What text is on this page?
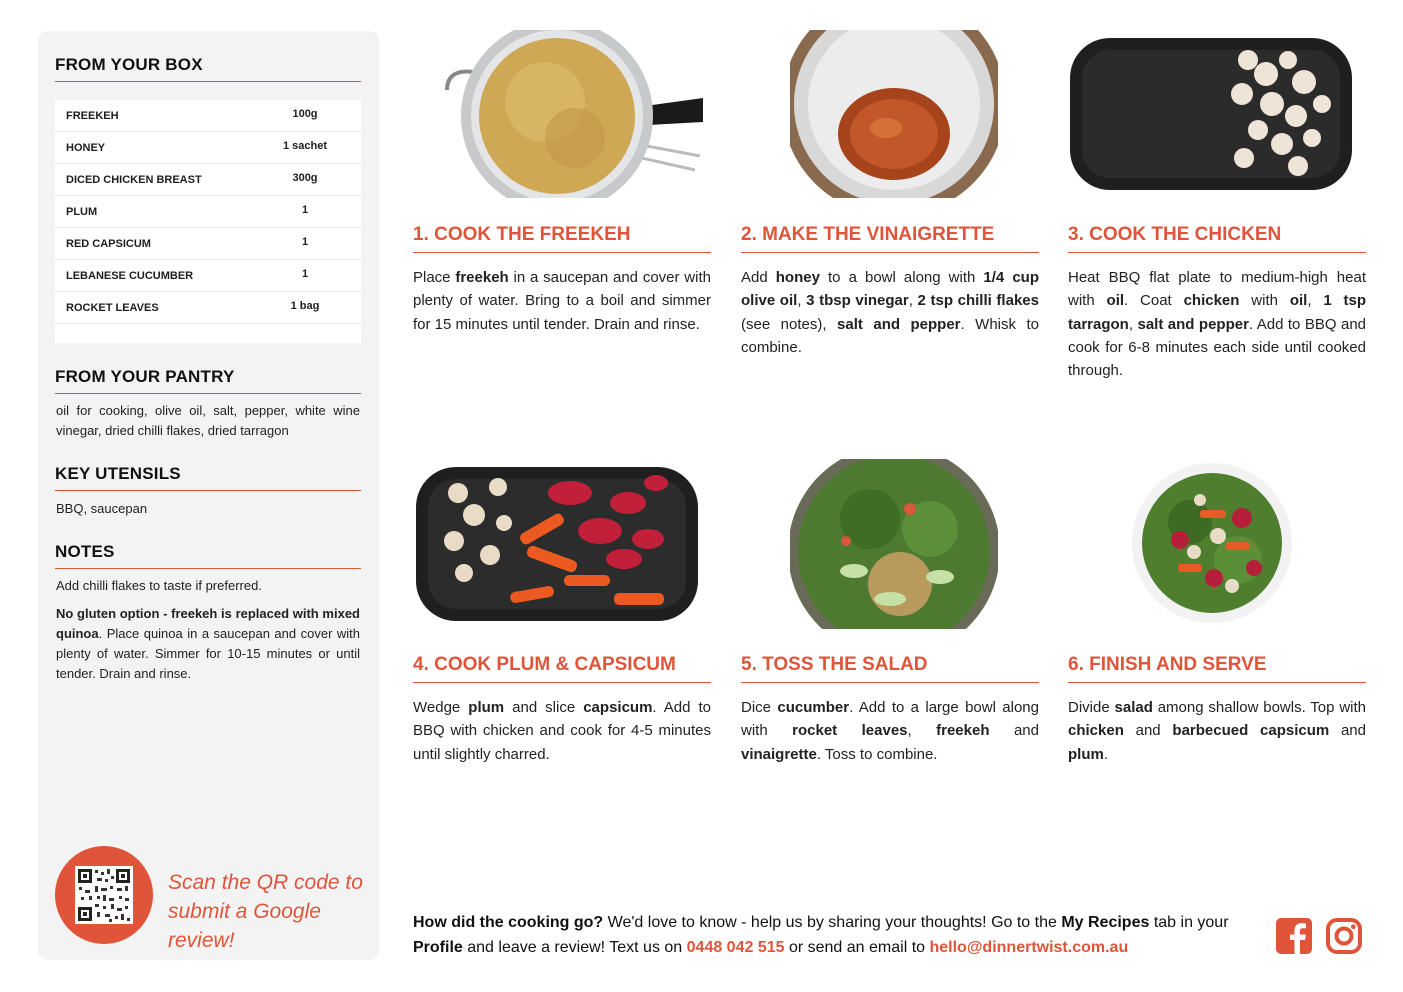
FROM YOUR BOX
FREEKEH	100g
HONEY	1 sachet
DICED CHICKEN BREAST	300g
PLUM	1
RED CAPSICUM	1
LEBANESE CUCUMBER	1
ROCKET LEAVES	1 bag
FROM YOUR PANTRY
oil for cooking, olive oil, salt, pepper, white wine vinegar, dried chilli flakes, dried tarragon
KEY UTENSILS
BBQ, saucepan
NOTES
Add chilli flakes to taste if preferred.
No gluten option - freekeh is replaced with mixed quinoa. Place quinoa in a saucepan and cover with plenty of water. Simmer for 10-15 minutes or until tender. Drain and rinse.
Scan the QR code to
submit a Google review!
1. COOK THE FREEKEH
Place freekeh in a saucepan and cover with plenty of water. Bring to a boil and simmer for 15 minutes until tender. Drain and rinse.
2. MAKE THE VINAIGRETTE
Add honey to a bowl along with 1/4 cup olive oil, 3 tbsp vinegar, 2 tsp chilli flakes (see notes), salt and pepper. Whisk to combine.
3. COOK THE CHICKEN
Heat BBQ flat plate to medium-high heat with oil. Coat chicken with oil, 1 tsp tarragon, salt and pepper. Add to BBQ and cook for 6-8 minutes each side until cooked through.
4. COOK PLUM & CAPSICUM
Wedge plum and slice capsicum. Add to BBQ with chicken and cook for 4-5 minutes until slightly charred.
5. TOSS THE SALAD
Dice cucumber. Add to a large bowl along with rocket leaves, freekeh and vinaigrette. Toss to combine.
6. FINISH AND SERVE
Divide salad among shallow bowls. Top with chicken and barbecued capsicum and plum.
How did the cooking go? We'd love to know - help us by sharing your thoughts! Go to the My Recipes tab in your Profile and leave a review! Text us on 0448 042 515 or send an email to hello@dinnertwist.com.au
